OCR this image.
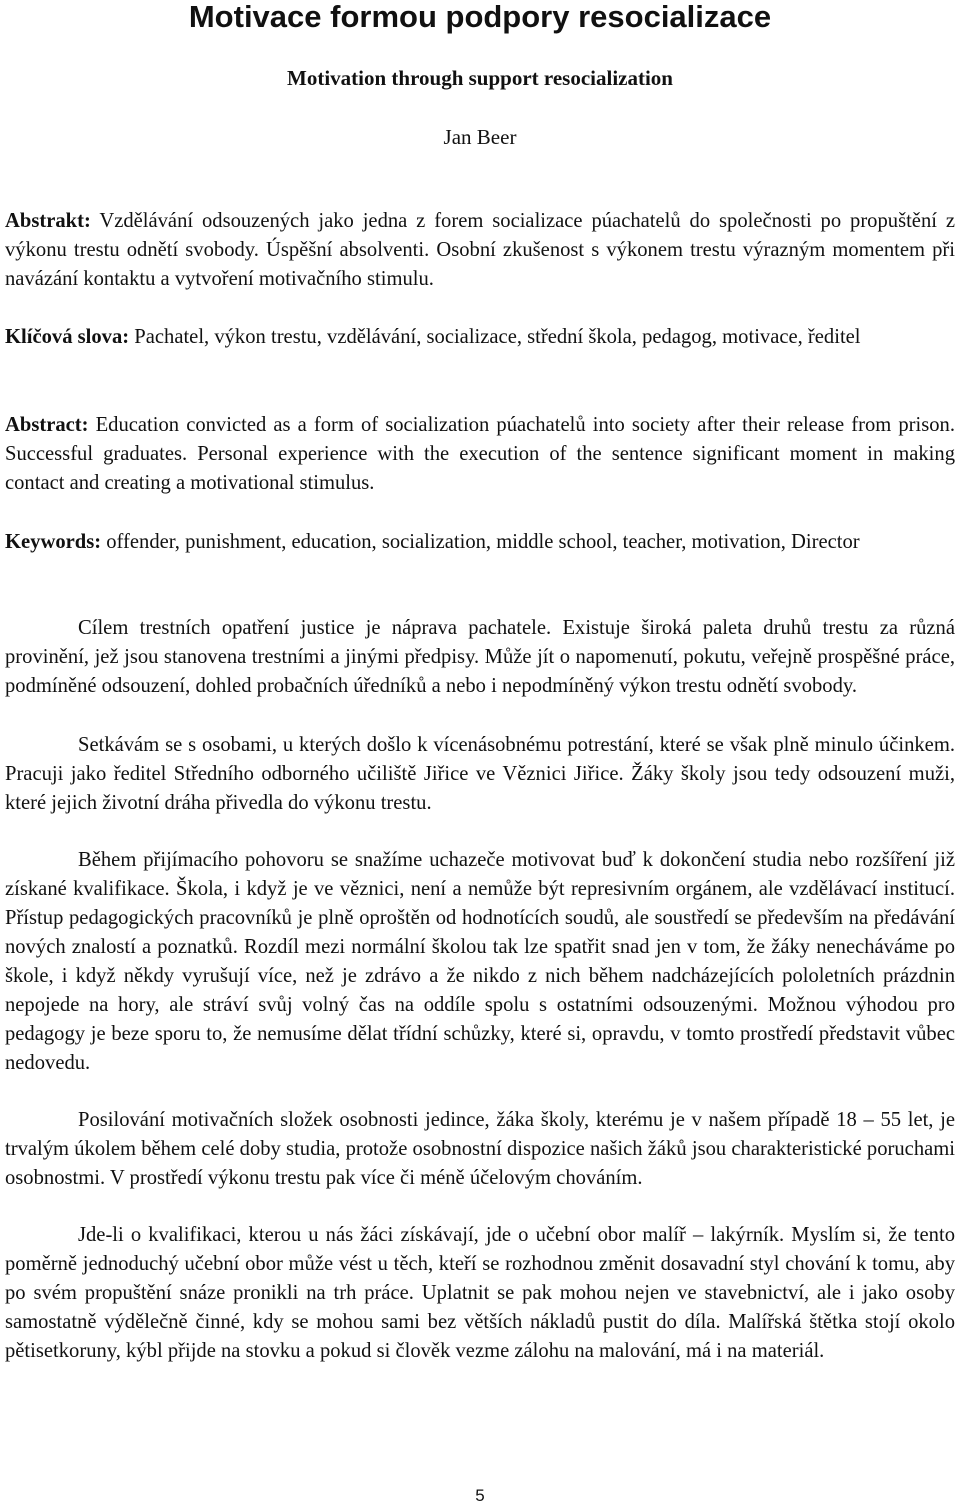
Motivace formou podpory resocializace
Motivation through support resocialization

Jan Beer

Abstrakt: Vzdělávání odsouzených jako jedna z forem socializace púachatelů do společnosti po propuštění z výkonu trestu odnětí svobody. Úspěšní absolventi. Osobní zkušenost s výkonem trestu výrazným momentem při navázání kontaktu a vytvoření motivačního stimulu.

Klíčová slova: Pachatel, výkon trestu, vzdělávání, socializace, střední škola, pedagog, motivace, ředitel

Abstract: Education convicted as a form of socialization púachatelů into society after their release from prison. Successful graduates. Personal experience with the execution of the sentence significant moment in making contact and creating a motivational stimulus.

Keywords: offender, punishment, education, socialization, middle school, teacher, motivation, Director

Cílem trestních opatření justice je náprava pachatele. Existuje široká paleta druhů trestu za různá provinění, jež jsou stanovena trestními a jinými předpisy. Může jít o napomenutí, pokutu, veřejně prospěšné práce, podmíněné odsouzení, dohled probačních úředníků a nebo i nepodmíněný výkon trestu odnětí svobody.

Setkávám se s osobami, u kterých došlo k vícenásobnému potrestání, které se však plně minulo účinkem. Pracuji jako ředitel Středního odborného učiliště Jiřice ve Věznici Jiřice. Žáky školy jsou tedy odsouzení muži, které jejich životní dráha přivedla do výkonu trestu.

Během přijímacího pohovoru se snažíme uchazeče motivovat buď k dokončení studia nebo rozšíření již získané kvalifikace. Škola, i když je ve věznici, není a nemůže být represivním orgánem, ale vzdělávací institucí. Přístup pedagogických pracovníků je plně oproštěn od hodnotících soudů, ale soustředí se především na předávání nových znalostí a poznatků. Rozdíl mezi normální školou tak lze spatřit snad jen v tom, že žáky nenecháváme po škole, i když někdy vyrušují více, než je zdrávo a že nikdo z nich během nadcházejících pololetních prázdnin nepojede na hory, ale stráví svůj volný čas na oddíle spolu s ostatními odsouzenými. Možnou výhodou pro pedagogy je beze sporu to, že nemusíme dělat třídní schůzky, které si, opravdu, v tomto prostředí představit vůbec nedovedu.

Posilování motivačních složek osobnosti jedince, žáka školy, kterému je v našem případě 18 – 55 let, je trvalým úkolem během celé doby studia, protože osobnostní dispozice našich žáků jsou charakteristické poruchami osobnostmi. V prostředí výkonu trestu pak více či méně účelovým chováním.

Jde-li o kvalifikaci, kterou u nás žáci získávají, jde o učební obor malíř – lakýrník. Myslím si, že tento poměrně jednoduchý učební obor může vést u těch, kteří se rozhodnou změnit dosavadní styl chování k tomu, aby po svém propuštění snáze pronikli na trh práce. Uplatnit se pak mohou nejen ve stavebnictví, ale i jako osoby samostatně výdělečně činné, kdy se mohou sami bez větších nákladů pustit do díla. Malířská štětka stojí okolo pětisetkoruny, kýbl přijde na stovku a pokud si člověk vezme zálohu na malování, má i na materiál.

5
